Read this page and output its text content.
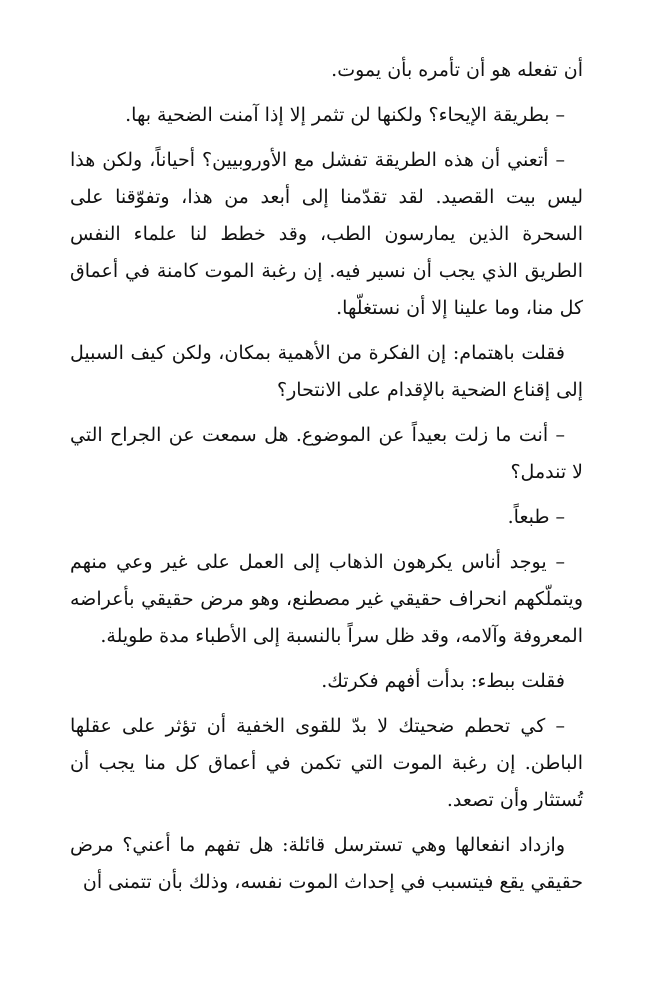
أن تفعله هو أن تأمره بأن يموت.

– بطريقة الإيحاء؟ ولكنها لن تثمر إلا إذا آمنت الضحية بها.

– أتعني أن هذه الطريقة تفشل مع الأوروبيين؟ أحياناً، ولكن هذا ليس بيت القصيد. لقد تقدّمنا إلى أبعد من هذا، وتفوّقنا على السحرة الذين يمارسون الطب، وقد خطط لنا علماء النفس الطريق الذي يجب أن نسير فيه. إن رغبة الموت كامنة في أعماق كل منا، وما علينا إلا أن نستغلّها.

فقلت باهتمام: إن الفكرة من الأهمية بمكان، ولكن كيف السبيل إلى إقناع الضحية بالإقدام على الانتحار؟

– أنت ما زلت بعيداً عن الموضوع. هل سمعت عن الجراح التي لا تندمل؟

– طبعاً.

– يوجد أناس يكرهون الذهاب إلى العمل على غير وعي منهم ويتملّكهم انحراف حقيقي غير مصطنع، وهو مرض حقيقي بأعراضه المعروفة وآلامه، وقد ظل سراً بالنسبة إلى الأطباء مدة طويلة.

فقلت ببطء: بدأت أفهم فكرتك.

– كي تحطم ضحيتك لا بدّ للقوى الخفية أن تؤثر على عقلها الباطن. إن رغبة الموت التي تكمن في أعماق كل منا يجب أن تُستثار وأن تصعد.

وازداد انفعالها وهي تسترسل قائلة: هل تفهم ما أعني؟ مرض حقيقي يقع فيتسبب في إحداث الموت نفسه، وذلك بأن تتمنى أن
